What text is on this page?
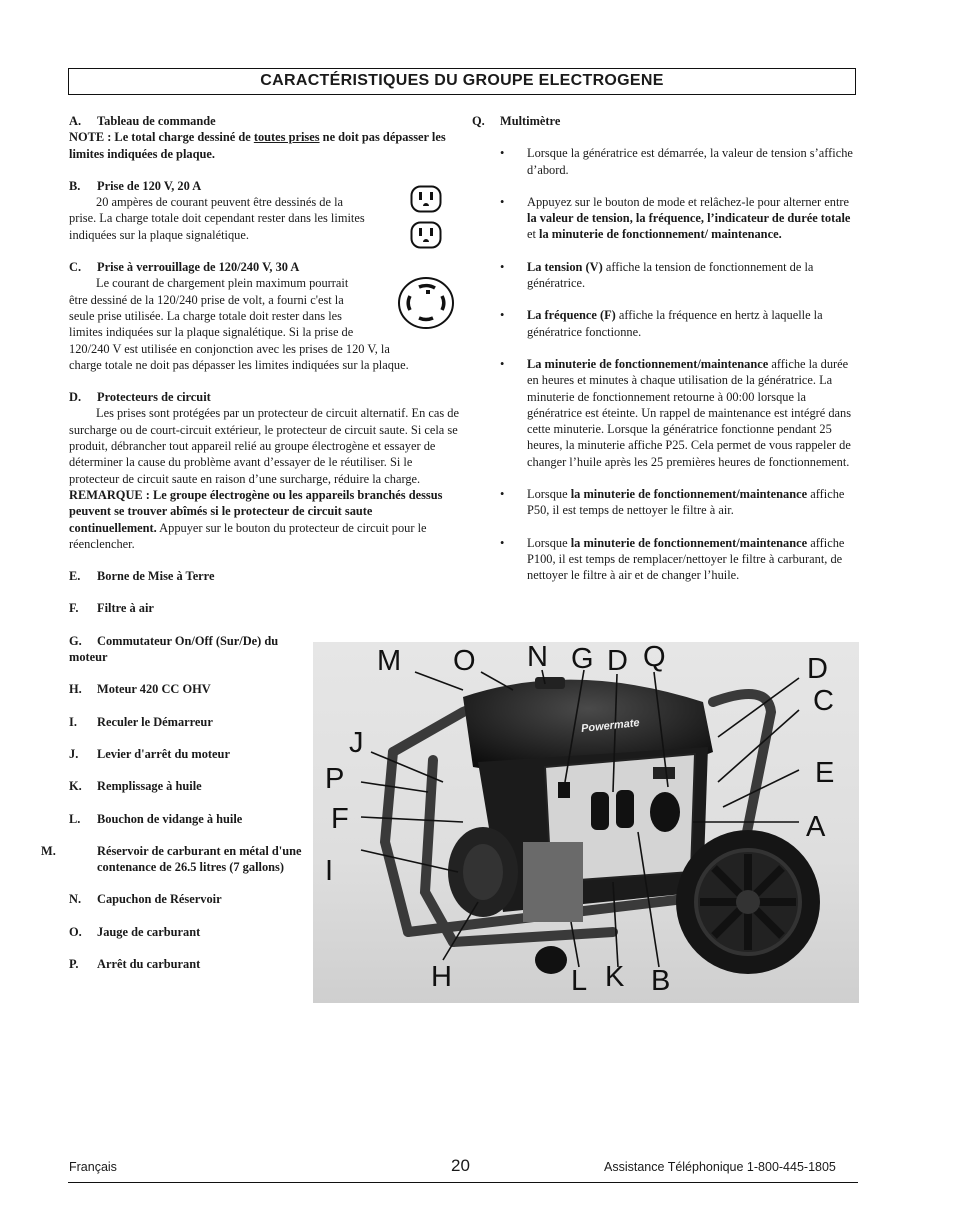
CARACTÉRISTIQUES DU GROUPE ELECTROGENE

A. Tableau de commande

NOTE : Le total charge dessiné de toutes prises ne doit pas dépasser les limites indiquées de plaque.

B. Prise de 120 V, 20 A

20 ampères de courant peuvent être dessinés de la

prise. La charge totale doit cependant rester dans les limites

indiquées sur la plaque signalétique.

C. Prise à verrouillage de 120/240 V, 30 A

Le courant de chargement plein maximum pourrait

être dessiné de la 120/240 prise de volt, a fourni c'est la

seule prise utilisée. La charge totale doit rester dans les

limites indiquées sur la plaque signalétique. Si la prise de

120/240 V est utilisée en conjonction avec les prises de 120 V, la

charge totale ne doit pas dépasser les limites indiquées sur la plaque.

D. Protecteurs de circuit

Les prises sont protégées par un protecteur de circuit alternatif. En cas de surcharge ou de court-circuit extérieur, le protecteur de circuit saute. Si cela se produit, débrancher tout appareil relié au groupe électrogène et essayer de déterminer la cause du problème avant d’essayer de le réutiliser. Si le protecteur de circuit saute en raison d’une surcharge, réduire la charge. REMARQUE : Le groupe électrogène ou les appareils branchés dessus peuvent se trouver abîmés si le protecteur de circuit saute continuellement. Appuyer sur le bouton du protecteur de circuit pour le réenclencher.

E. Borne de Mise à Terre

F. Filtre à air

G. Commutateur On/Off (Sur/De) du moteur

H. Moteur 420 CC OHV

I. Reculer le Démarreur

J. Levier d'arrêt du moteur

K. Remplissage à huile

L. Bouchon de vidange à huile

M.	Réservoir de carburant en métal d'une contenance de 26.5 litres (7 gallons)

N. Capuchon de Réservoir

O. Jauge de carburant

P. Arrêt du carburant

Q. Multimètre

• Lorsque la génératrice est démarrée, la valeur de tension s’affiche d’abord.

• Appuyez sur le bouton de mode et relâchez-le pour alterner entre la valeur de tension, la fréquence, l’indicateur de durée totale et la minuterie de fonctionnement/ maintenance.

• La tension (V) affiche la tension de fonctionnement de la génératrice.

• La fréquence (F) affiche la fréquence en hertz à laquelle la génératrice fonctionne.

• La minuterie de fonctionnement/maintenance affiche la durée en heures et minutes à chaque utilisation de la génératrice. La minuterie de fonctionnement retourne à 00:00 lorsque la génératrice est éteinte. Un rappel de maintenance est intégré dans cette minuterie. Lorsque la génératrice fonctionne pendant 25 heures, la minuterie affiche P25. Cela permet de vous rappeler de changer l’huile après les 25 premières heures de fonctionnement.

• Lorsque la minuterie de fonctionnement/maintenance affiche P50, il est temps de nettoyer le filtre à air.

• Lorsque la minuterie de fonctionnement/maintenance affiche P100, il est temps de remplacer/nettoyer le filtre à carburant, de nettoyer le filtre à air et de changer l’huile.

Powermate
M O N G D Q	D
C
J
P	E
F	A
I
H	L K B
Français	20	Assistance Téléphonique 1-800-445-1805
